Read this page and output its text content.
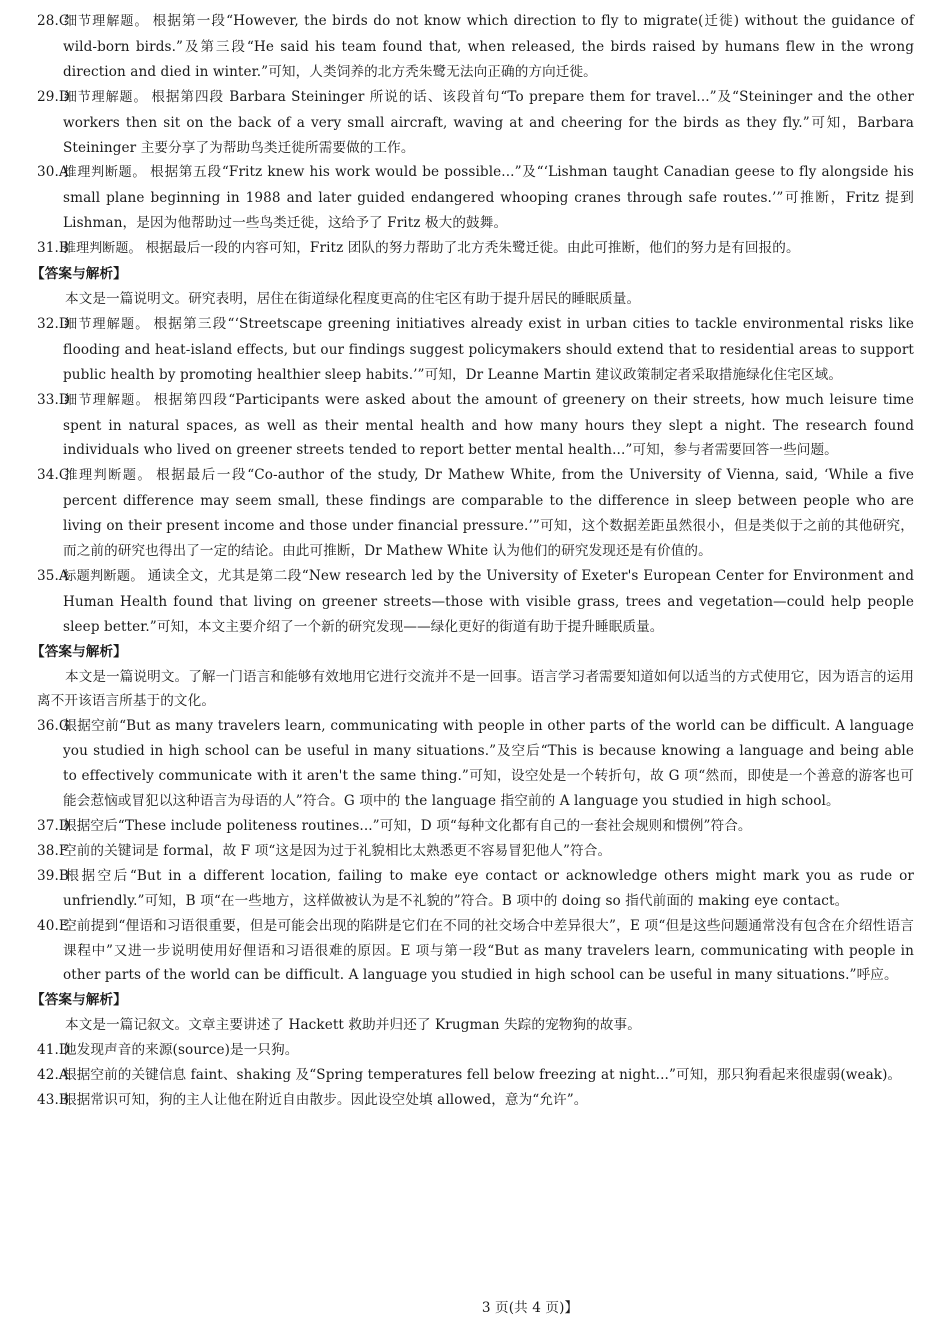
28.C细节理解题。 根据第一段“However, the birds do not know which direction to fly to migrate(迁徙) without the guidance of wild-born birds.”及第三段“He said his team found that, when released, the birds raised by humans flew in the wrong direction and died in winter.”可知，人类饲养的北方秃朱鹭无法向正确的方向迁徙。
29.D细节理解题。 根据第四段 Barbara Steininger 所说的话、该段首句“To prepare them for travel...”及“Steininger and the other workers then sit on the back of a very small aircraft, waving at and cheering for the birds as they fly.”可知，Barbara Steininger 主要分享了为帮助鸟类迁徙所需要做的工作。
30.A推理判断题。 根据第五段“Fritz knew his work would be possible...”及“‘Lishman taught Canadian geese to fly alongside his small plane beginning in 1988 and later guided endangered whooping cranes through safe routes.’”可推断，Fritz 提到 Lishman，是因为他帮助过一些鸟类迁徙，这给予了 Fritz 极大的鼓舞。
31.B推理判断题。 根据最后一段的内容可知，Fritz 团队的努力帮助了北方秃朱鹭迁徙。由此可推断，他们的努力是有回报的。
【答案与解析】
本文是一篇说明文。研究表明，居住在街道绿化程度更高的住宅区有助于提升居民的睡眠质量。
32.D细节理解题。 根据第三段“‘Streetscape greening initiatives already exist in urban cities to tackle environmental risks like flooding and heat-island effects, but our findings suggest policymakers should extend that to residential areas to support public health by promoting healthier sleep habits.’”可知，Dr Leanne Martin 建议政策制定者采取措施绿化住宅区域。
33.D细节理解题。 根据第四段“Participants were asked about the amount of greenery on their streets, how much leisure time spent in natural spaces, as well as their mental health and how many hours they slept a night. The research found individuals who lived on greener streets tended to report better mental health...”可知，参与者需要回答一些问题。
34.C推理判断题。 根据最后一段“Co-author of the study, Dr Mathew White, from the University of Vienna, said, ‘While a five percent difference may seem small, these findings are comparable to the difference in sleep between people who are living on their present income and those under financial pressure.’”可知，这个数据差距虽然很小，但是类似于之前的其他研究，而之前的研究也得出了一定的结论。由此可推断，Dr Mathew White 认为他们的研究发现还是有价值的。
35.A标题判断题。 通读全文，尤其是第二段“New research led by the University of Exeter's European Center for Environment and Human Health found that living on greener streets—those with visible grass, trees and vegetation—could help people sleep better.”可知，本文主要介绍了一个新的研究发现——绿化更好的街道有助于提升睡眠质量。
【答案与解析】
本文是一篇说明文。了解一门语言和能够有效地用它进行交流并不是一回事。语言学习者需要知道如何以适当的方式使用它，因为语言的运用离不开该语言所基于的文化。
36.G根据空前“But as many travelers learn, communicating with people in other parts of the world can be difficult. A language you studied in high school can be useful in many situations.”及空后“This is because knowing a language and being able to effectively communicate with it aren't the same thing.”可知，设空处是一个转折句，故 G 项“然而，即使是一个善意的游客也可能会惹恼或冒犯以这种语言为母语的人”符合。G 项中的 the language 指空前的 A language you studied in high school。
37.D根据空后“These include politeness routines...”可知，D 项“每种文化都有自己的一套社会规则和惯例”符合。
38.F空前的关键词是 formal，故 F 项“这是因为过于礼貌相比太熟悉更不容易冒犯他人”符合。
39.B根据空后“But in a different location, failing to make eye contact or acknowledge others might mark you as rude or unfriendly.”可知，B 项“在一些地方，这样做被认为是不礼貌的”符合。B 项中的 doing so 指代前面的 making eye contact。
40.E空前提到“俚语和习语很重要，但是可能会出现的陷阱是它们在不同的社交场合中差异很大”，E 项“但是这些问题通常没有包含在介绍性语言课程中”又进一步说明使用好俚语和习语很难的原因。E 项与第一段“But as many travelers learn, communicating with people in other parts of the world can be difficult. A language you studied in high school can be useful in many situations.”呼应。
【答案与解析】
本文是一篇记叙文。文章主要讲述了 Hackett 救助并归还了 Krugman 失踪的宠物狗的故事。
41.D他发现声音的来源(source)是一只狗。
42.A根据空前的关键信息 faint、shaking 及“Spring temperatures fell below freezing at night...”可知，那只狗看起来很虚弱(weak)。
43.B根据常识可知，狗的主人让他在附近自由散步。因此设空处填 allowed，意为“允许”。
3 页(共 4 页)】
